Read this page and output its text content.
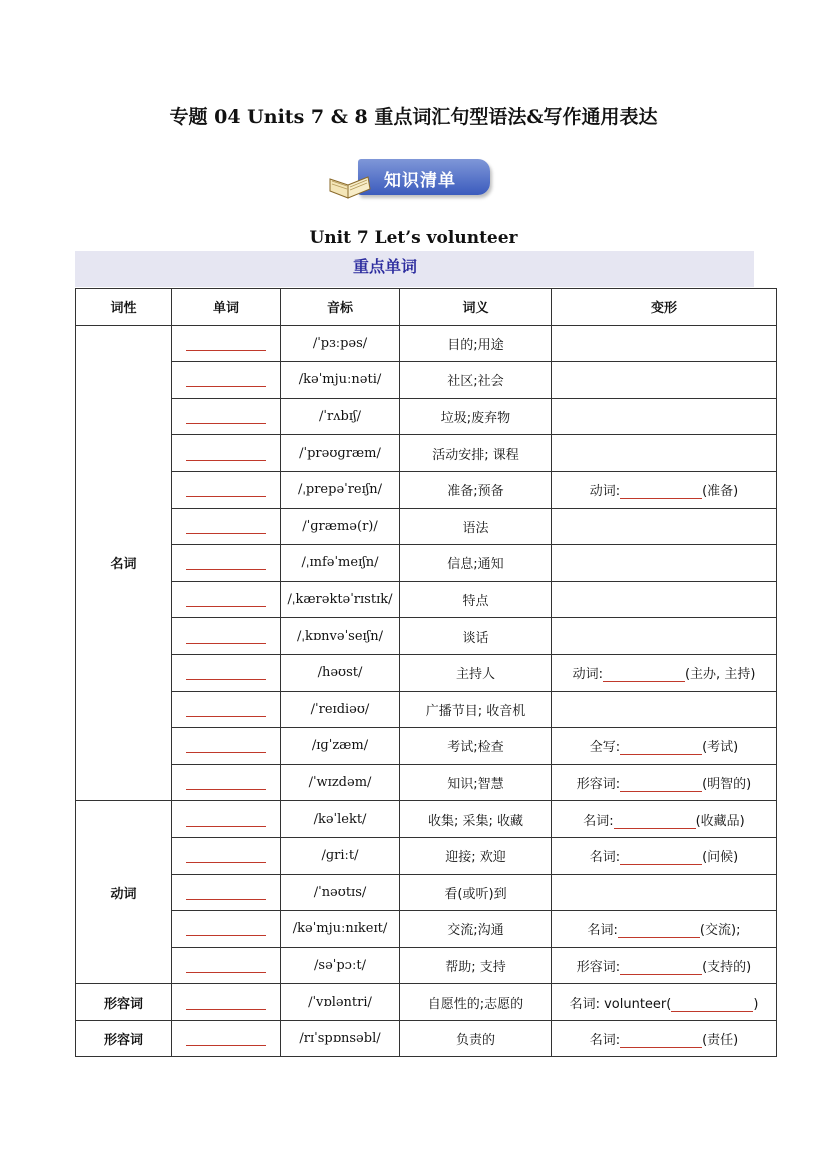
专题 04 Units 7 & 8 重点词汇句型语法&写作通用表达
知识清单
Unit 7 Let’s volunteer
重点单词
词性	单词	音标	词义	变形
名词		/ˈpɜːpəs/	目的;用途	
		/kəˈmjuːnəti/	社区;社会	
		/ˈrʌbɪʃ/	垃圾;废弃物	
		/ˈprəʊɡræm/	活动安排; 课程	
		/ˌprepəˈreɪʃn/	准备;预备	动词: (准备)
		/ˈɡræmə(r)/	语法	
		/ˌɪnfəˈmeɪʃn/	信息;通知	
		/ˌkærəktəˈrɪstɪk/	特点	
		/ˌkɒnvəˈseɪʃn/	谈话	
		/həʊst/	主持人	动词: (主办, 主持)
		/ˈreɪdiəʊ/	广播节目; 收音机	
		/ɪɡˈzæm/	考试;检查	全写: (考试)
		/ˈwɪzdəm/	知识;智慧	形容词: (明智的)
动词		/kəˈlekt/	收集; 采集; 收藏	名词: (收藏品)
		/ɡriːt/	迎接; 欢迎	名词: (问候)
		/ˈnəʊtɪs/	看(或听)到	
		/kəˈmjuːnɪkeɪt/	交流;沟通	名词: (交流);
		/səˈpɔːt/	帮助; 支持	形容词: (支持的)
形容词		/ˈvɒləntri/	自愿性的;志愿的	名词: volunteer( )
形容词		/rɪˈspɒnsəbl/	负责的	名词: (责任)
